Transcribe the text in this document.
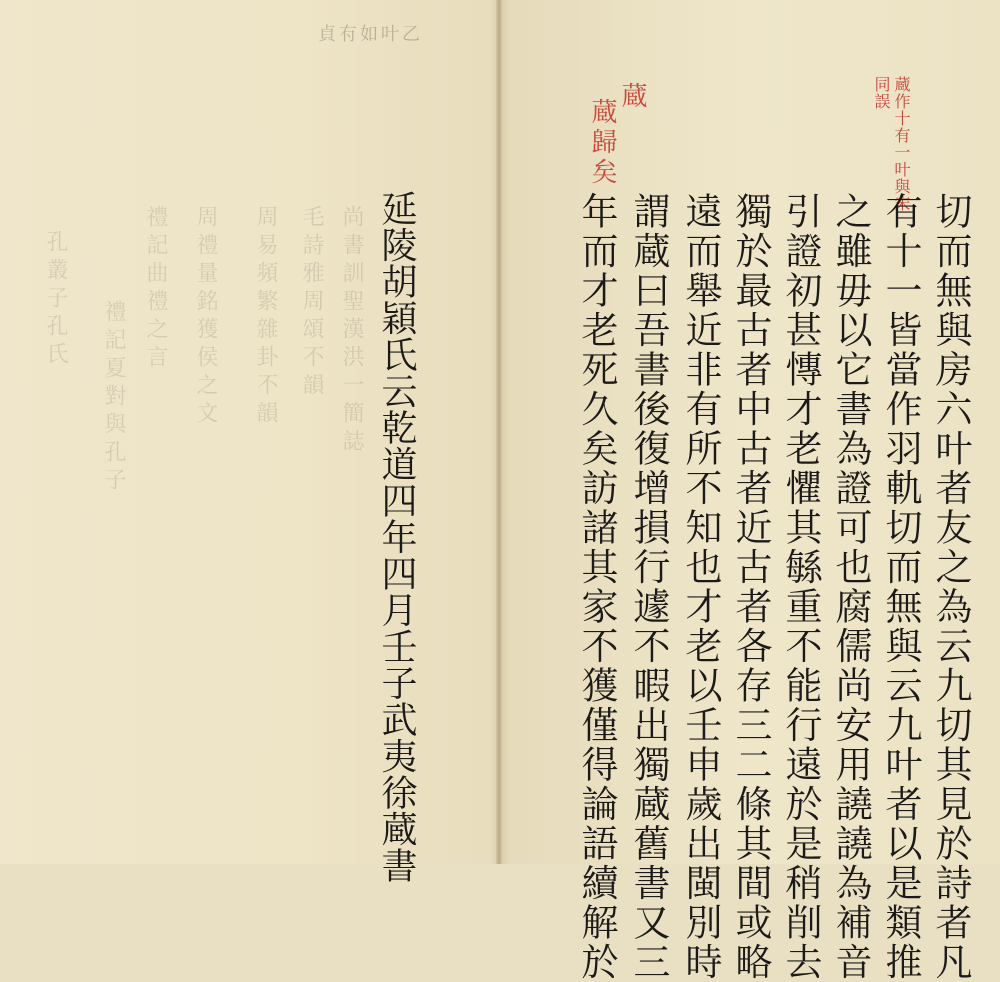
貞𠕇如叶乙
尚書訓聖漢洪一簡誌
毛詩雅周頌不韻
周易頻繁雜卦不韻
周禮量銘獲侯之文
禮記曲禮之言
禮記夏對與孔子
孔叢子孔氏	延陵胡穎氏云乾道四年四月壬子武夷徐蔵書
蔵作十有一叶與宋
同誤
蔵
蔵歸矣
切而無與房六叶者友之為云九切其見於詩者凡
有十一皆當作羽軌切而無與云九叶者以是類推
之雖毋以它書為證可也腐儒尚安用譊譊為補音
引證初甚慱才老懼其緐重不能行遠於是稍削去
獨於最古者中古者近古者各存三二條其間或略
遠而舉近非有所不知也才老以壬申歲出閩別時
謂蔵曰吾書後復增損行遽不暇出獨蔵舊書又三
年而才老死久矣訪諸其家不獲僅得論語續解於
